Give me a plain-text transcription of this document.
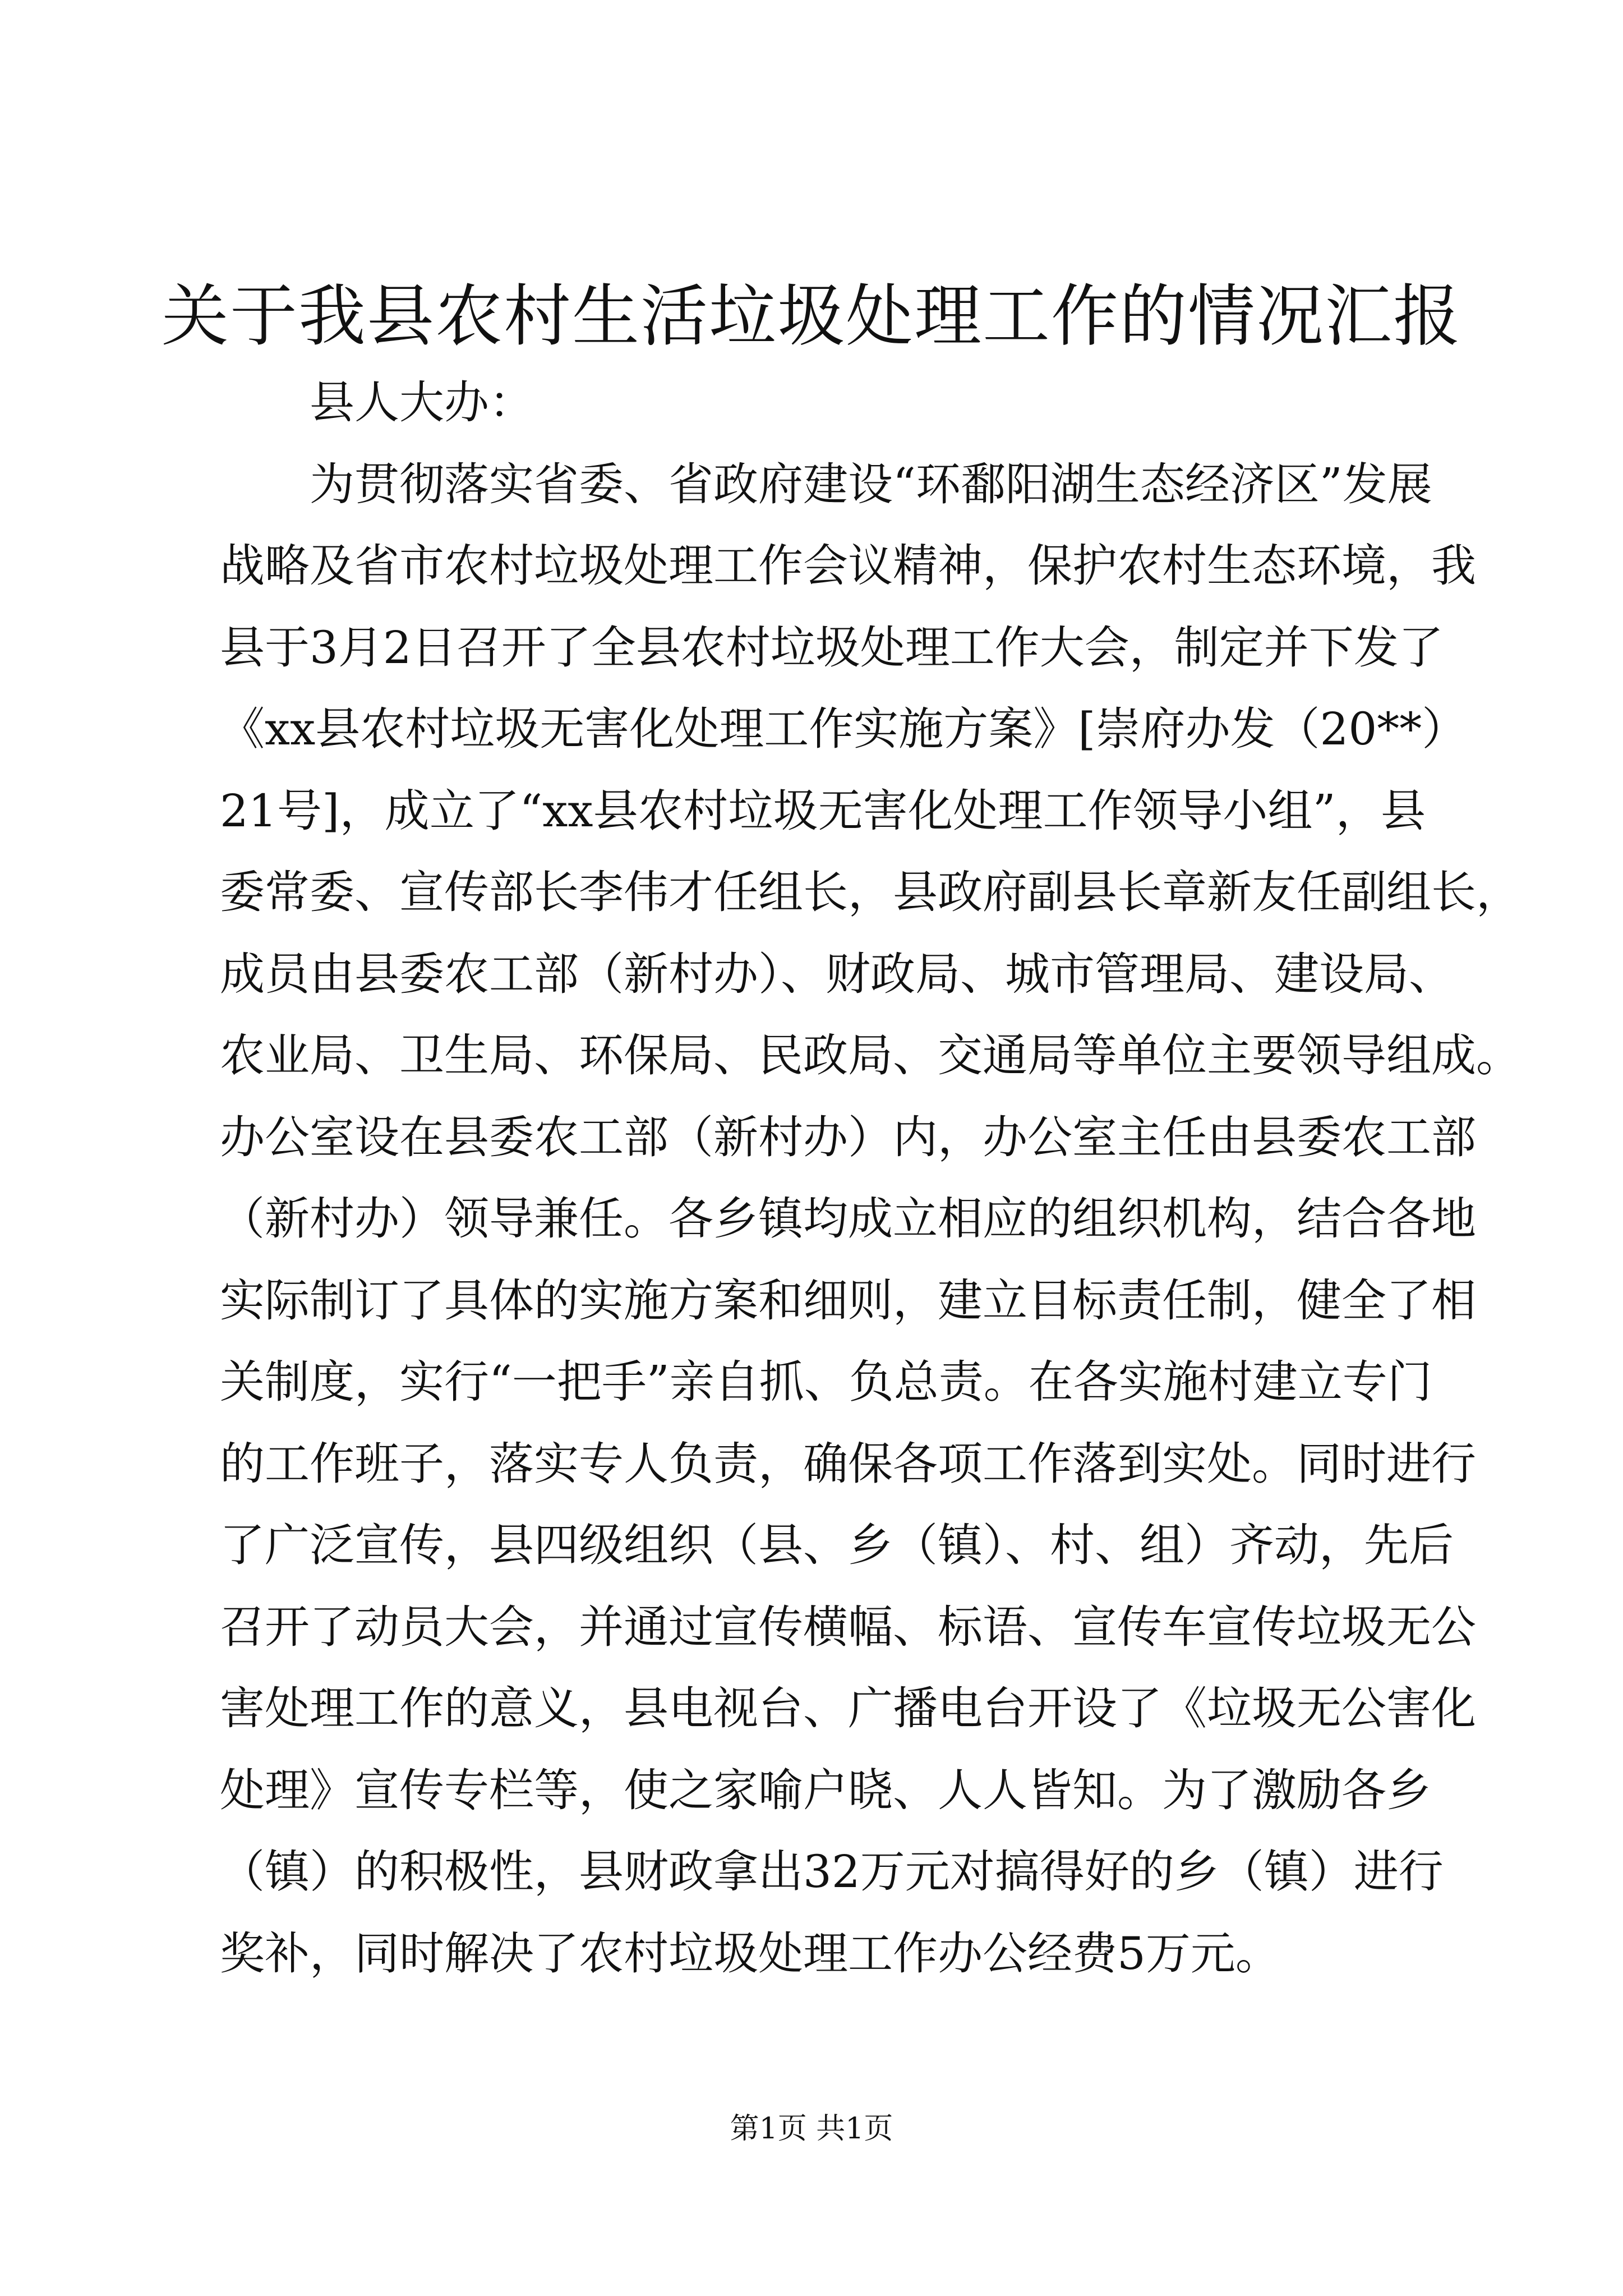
关于我县农村生活垃圾处理工作的情况汇报
县人大办：
为贯彻落实省委、省政府建设“环鄱阳湖生态经济区”发展
战略及省市农村垃圾处理工作会议精神，保护农村生态环境，我
县于3月2日召开了全县农村垃圾处理工作大会，制定并下发了
《xx县农村垃圾无害化处理工作实施方案》[崇府办发（20**）
21号]，成立了“xx县农村垃圾无害化处理工作领导小组”，县
委常委、宣传部长李伟才任组长，县政府副县长章新友任副组长，
成员由县委农工部（新村办）、财政局、城市管理局、建设局、
农业局、卫生局、环保局、民政局、交通局等单位主要领导组成。
办公室设在县委农工部（新村办）内，办公室主任由县委农工部
（新村办）领导兼任。各乡镇均成立相应的组织机构，结合各地
实际制订了具体的实施方案和细则，建立目标责任制，健全了相
关制度，实行“一把手”亲自抓、负总责。在各实施村建立专门
的工作班子，落实专人负责，确保各项工作落到实处。同时进行
了广泛宣传，县四级组织（县、乡（镇）、村、组）齐动，先后
召开了动员大会，并通过宣传横幅、标语、宣传车宣传垃圾无公
害处理工作的意义，县电视台、广播电台开设了《垃圾无公害化
处理》宣传专栏等，使之家喻户晓、人人皆知。为了激励各乡
（镇）的积极性，县财政拿出32万元对搞得好的乡（镇）进行
奖补，同时解决了农村垃圾处理工作办公经费5万元。
第1页 共1页
